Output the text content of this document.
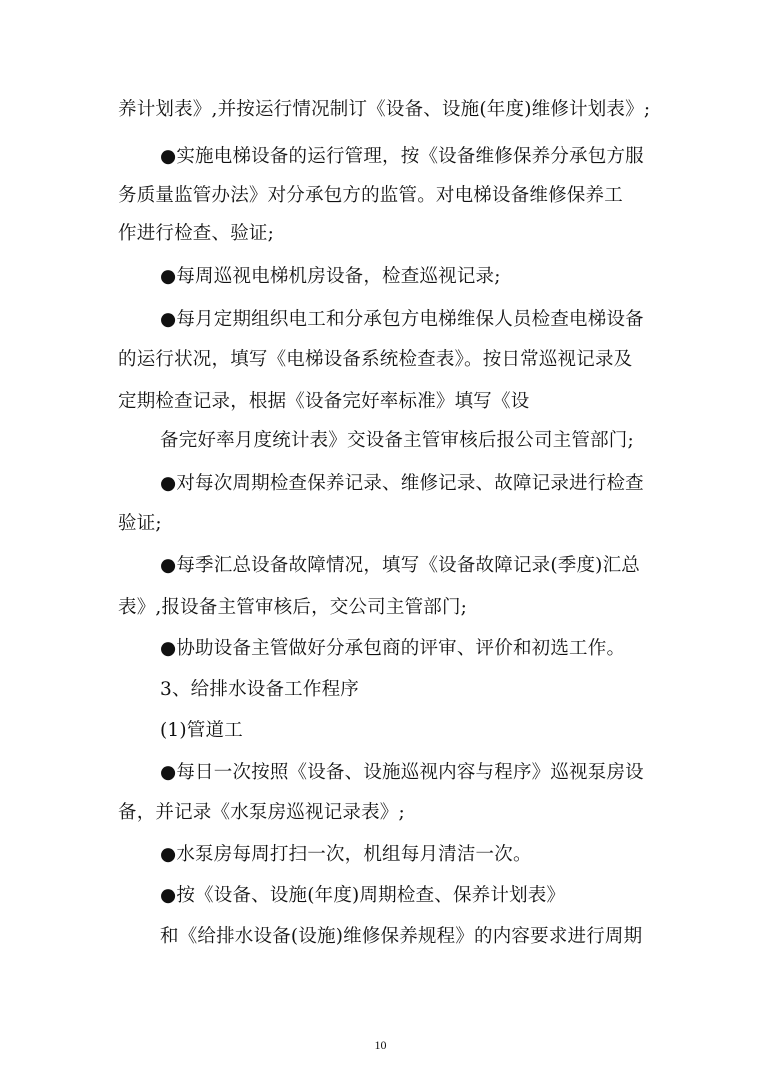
养计划表》,并按运行情况制订《设备、设施(年度)维修计划表》;
●实施电梯设备的运行管理，按《设备维修保养分承包方服
务质量监管办法》对分承包方的监管。对电梯设备维修保养工
作进行检查、验证;
●每周巡视电梯机房设备，检查巡视记录;
●每月定期组织电工和分承包方电梯维保人员检查电梯设备
的运行状况，填写《电梯设备系统检查表》。按日常巡视记录及
定期检查记录，根据《设备完好率标准》填写《设
备完好率月度统计表》交设备主管审核后报公司主管部门;
●对每次周期检查保养记录、维修记录、故障记录进行检查
验证;
●每季汇总设备故障情况，填写《设备故障记录(季度)汇总
表》,报设备主管审核后，交公司主管部门;
●协助设备主管做好分承包商的评审、评价和初选工作。
3、给排水设备工作程序
(1)管道工
●每日一次按照《设备、设施巡视内容与程序》巡视泵房设
备，并记录《水泵房巡视记录表》;
●水泵房每周打扫一次，机组每月清洁一次。
●按《设备、设施(年度)周期检查、保养计划表》
和《给排水设备(设施)维修保养规程》的内容要求进行周期
10
